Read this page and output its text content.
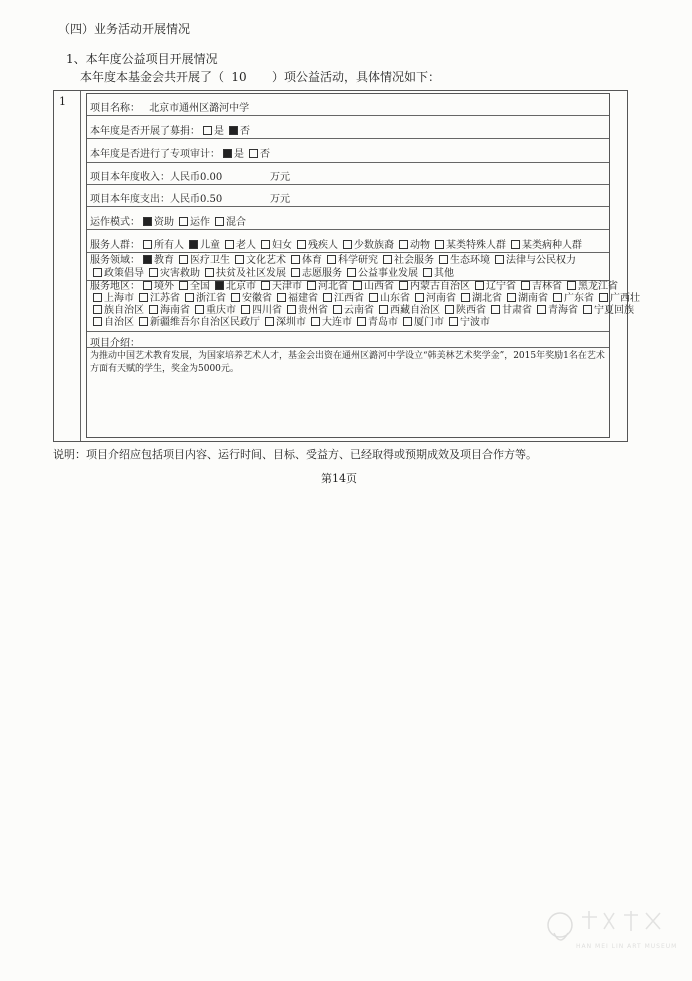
（四）业务活动开展情况
1、本年度公益项目开展情况
本年度本基金会共开展了（ 10 ）项公益活动，具体情况如下：
1
项目名称： 北京市通州区潞河中学
本年度是否开展了募捐： 是 否
本年度是否进行了专项审计： 是 否
项目本年度收入：人民币0.00	万元
项目本年度支出：人民币0.50	万元
运作模式： 资助 运作 混合
服务人群： 所有人 儿童 老人 妇女 残疾人 少数族裔 动物 某类特殊人群 某类病种人群
服务领域： 教育 医疗卫生 文化艺术 体育 科学研究 社会服务 生态环境 法律与公民权力
政策倡导 灾害救助 扶贫及社区发展 志愿服务 公益事业发展 其他
服务地区： 境外 全国 北京市 天津市 河北省 山西省 内蒙古自治区 辽宁省 吉林省 黑龙江省
上海市 江苏省 浙江省 安徽省 福建省 江西省 山东省 河南省 湖北省 湖南省 广东省 广西壮
族自治区 海南省 重庆市 四川省 贵州省 云南省 西藏自治区 陕西省 甘肃省 青海省 宁夏回族
自治区 新疆维吾尔自治区民政厅 深圳市 大连市 青岛市 厦门市 宁波市
项目介绍：
为推动中国艺术教育发展，为国家培养艺术人才，基金会出资在通州区潞河中学设立“韩美林艺术奖学金”，2015年奖励1名在艺术方面有天赋的学生，奖金为5000元。
说明：项目介绍应包括项目内容、运行时间、目标、受益方、已经取得或预期成效及项目合作方等。
第14页
HAN MEI LIN ART MUSEUM
